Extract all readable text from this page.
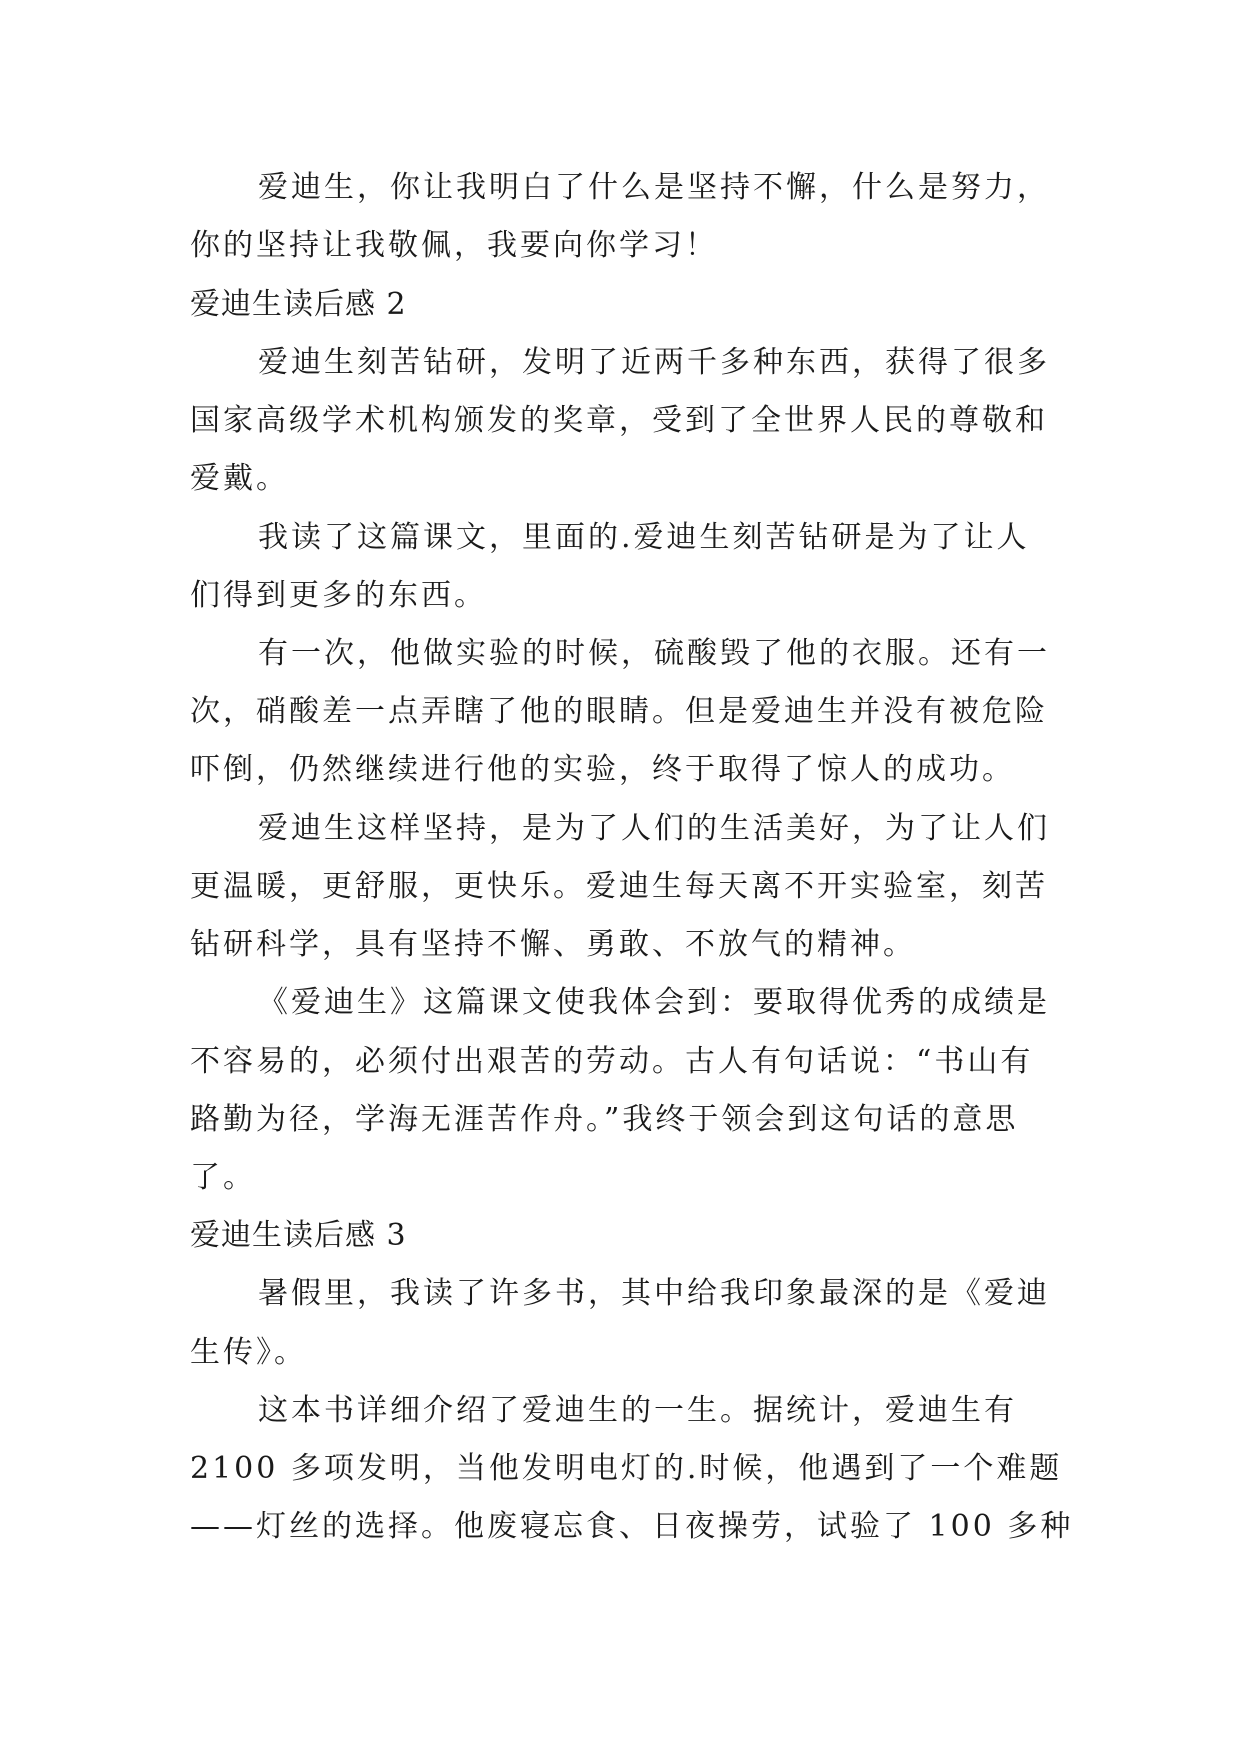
爱迪生，你让我明白了什么是坚持不懈，什么是努力，
你的坚持让我敬佩，我要向你学习！
爱迪生读后感 2
爱迪生刻苦钻研，发明了近两千多种东西，获得了很多
国家高级学术机构颁发的奖章，受到了全世界人民的尊敬和
爱戴。
我读了这篇课文，里面的.爱迪生刻苦钻研是为了让人
们得到更多的东西。
有一次，他做实验的时候，硫酸毁了他的衣服。还有一
次，硝酸差一点弄瞎了他的眼睛。但是爱迪生并没有被危险
吓倒，仍然继续进行他的实验，终于取得了惊人的成功。
爱迪生这样坚持，是为了人们的生活美好，为了让人们
更温暖，更舒服，更快乐。爱迪生每天离不开实验室，刻苦
钻研科学，具有坚持不懈、勇敢、不放气的精神。
《爱迪生》这篇课文使我体会到：要取得优秀的成绩是
不容易的，必须付出艰苦的劳动。古人有句话说：“书山有
路勤为径，学海无涯苦作舟。”我终于领会到这句话的意思
了。
爱迪生读后感 3
暑假里，我读了许多书，其中给我印象最深的是《爱迪
生传》。
这本书详细介绍了爱迪生的一生。据统计，爱迪生有
2100 多项发明，当他发明电灯的.时候，他遇到了一个难题
——灯丝的选择。他废寝忘食、日夜操劳，试验了 100 多种
